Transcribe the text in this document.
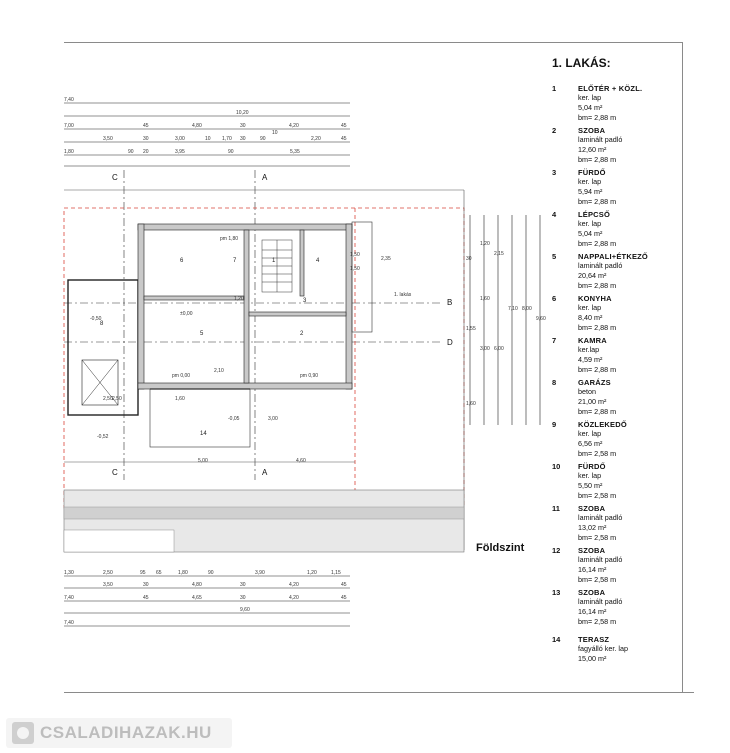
7,40
10,20
7,00	45	4,80	30	4,20	45
3,50	30	3,00	10 1,70 30	90
10
2,20	45
1,80	90 20	3,95	90	5,35
C	A
B
D
C	A
8
7
6
5
4
3
2
1
14
-0,50
±0,00
-0,05
-0,52
pm 1,80
pm 0,00	pm 0,90
5,00	4,60
2,50 2,50	1,60
2,10
3,00
1,20
1,50
1,50
2,35	30
1,20
1,60
2,15
7,10 8,00
9,60
3,00 6,00
1,55
1,60
1. lakás
1,30	2,50	95 65	1,80	90	3,90	1,20	1,15
3,50	30	4,80	30	4,20	45
7,40	45	4,65	30	4,20	45
9,60
7,40
Földszint
1. LAKÁS:
1	ELŐTÉR + KÖZL.
ker. lap
5,04 m²
bm= 2,88 m
2	SZOBA
laminált padló
12,60 m²
bm= 2,88 m
3	FÜRDŐ
ker. lap
5,94 m²
bm= 2,88 m
4	LÉPCSŐ
ker. lap
5,04 m²
bm= 2,88 m
5	NAPPALI+ÉTKEZŐ
laminált padló
20,64 m²
bm= 2,88 m
6	KONYHA
ker. lap
8,40 m²
bm= 2,88 m
7	KAMRA
ker.lap
4,59 m²
bm= 2,88 m
8	GARÁZS
beton
21,00 m²
bm= 2,88 m
9	KÖZLEKEDŐ
ker. lap
6,56 m²
bm= 2,58 m
10 FÜRDŐ
ker. lap
5,50 m²
bm= 2,58 m
11 SZOBA
laminált padló
13,02 m²
bm= 2,58 m
12 SZOBA
laminált padló
16,14 m²
bm= 2,58 m
13 SZOBA
laminált padló
16,14 m²
bm= 2,58 m
14 TERASZ
fagyálló ker. lap
15,00 m²
CSALADIHAZAK.HU
